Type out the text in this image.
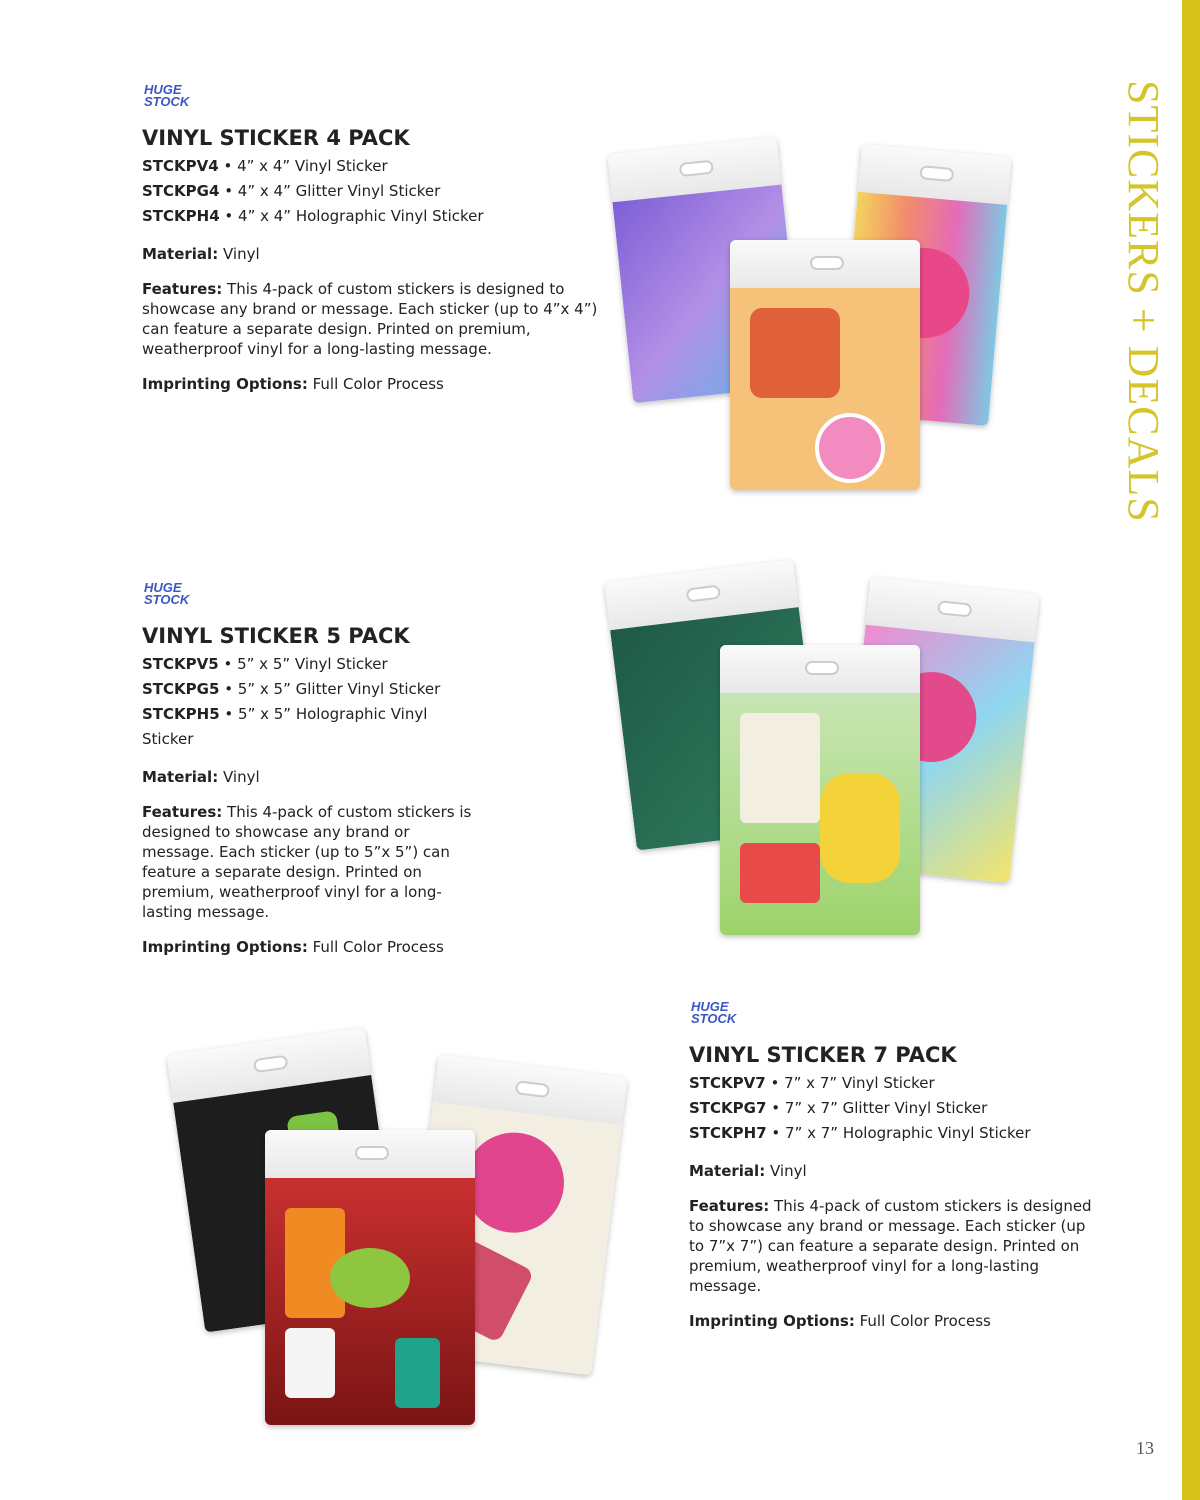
STICKERS + DECALS
13
HUGE
STOCK
VINYL STICKER 4 PACK
STCKPV4 • 4” x 4” Vinyl Sticker
STCKPG4 • 4” x 4” Glitter Vinyl Sticker
STCKPH4 • 4” x 4” Holographic Vinyl Sticker
Material: Vinyl
Features: This 4-pack of custom stickers is designed to showcase any brand or message. Each sticker (up to 4”x 4”) can feature a separate design. Printed on premium, weatherproof vinyl for a long-lasting message.
Imprinting Options: Full Color Process
HUGE
STOCK
VINYL STICKER 5 PACK
STCKPV5 • 5” x 5” Vinyl Sticker
STCKPG5 • 5” x 5” Glitter Vinyl Sticker
STCKPH5 • 5” x 5” Holographic Vinyl Sticker
Material: Vinyl
Features: This 4-pack of custom stickers is designed to showcase any brand or message. Each sticker (up to 5”x 5”) can feature a separate design. Printed on premium, weatherproof vinyl for a long-lasting message.
Imprinting Options: Full Color Process
HUGE
STOCK
VINYL STICKER 7 PACK
STCKPV7 • 7” x 7” Vinyl Sticker
STCKPG7 • 7” x 7” Glitter Vinyl Sticker
STCKPH7 • 7” x 7” Holographic Vinyl Sticker
Material: Vinyl
Features: This 4-pack of custom stickers is designed to showcase any brand or message. Each sticker (up to 7”x 7”) can feature a separate design. Printed on premium, weatherproof vinyl for a long-lasting message.
Imprinting Options: Full Color Process
